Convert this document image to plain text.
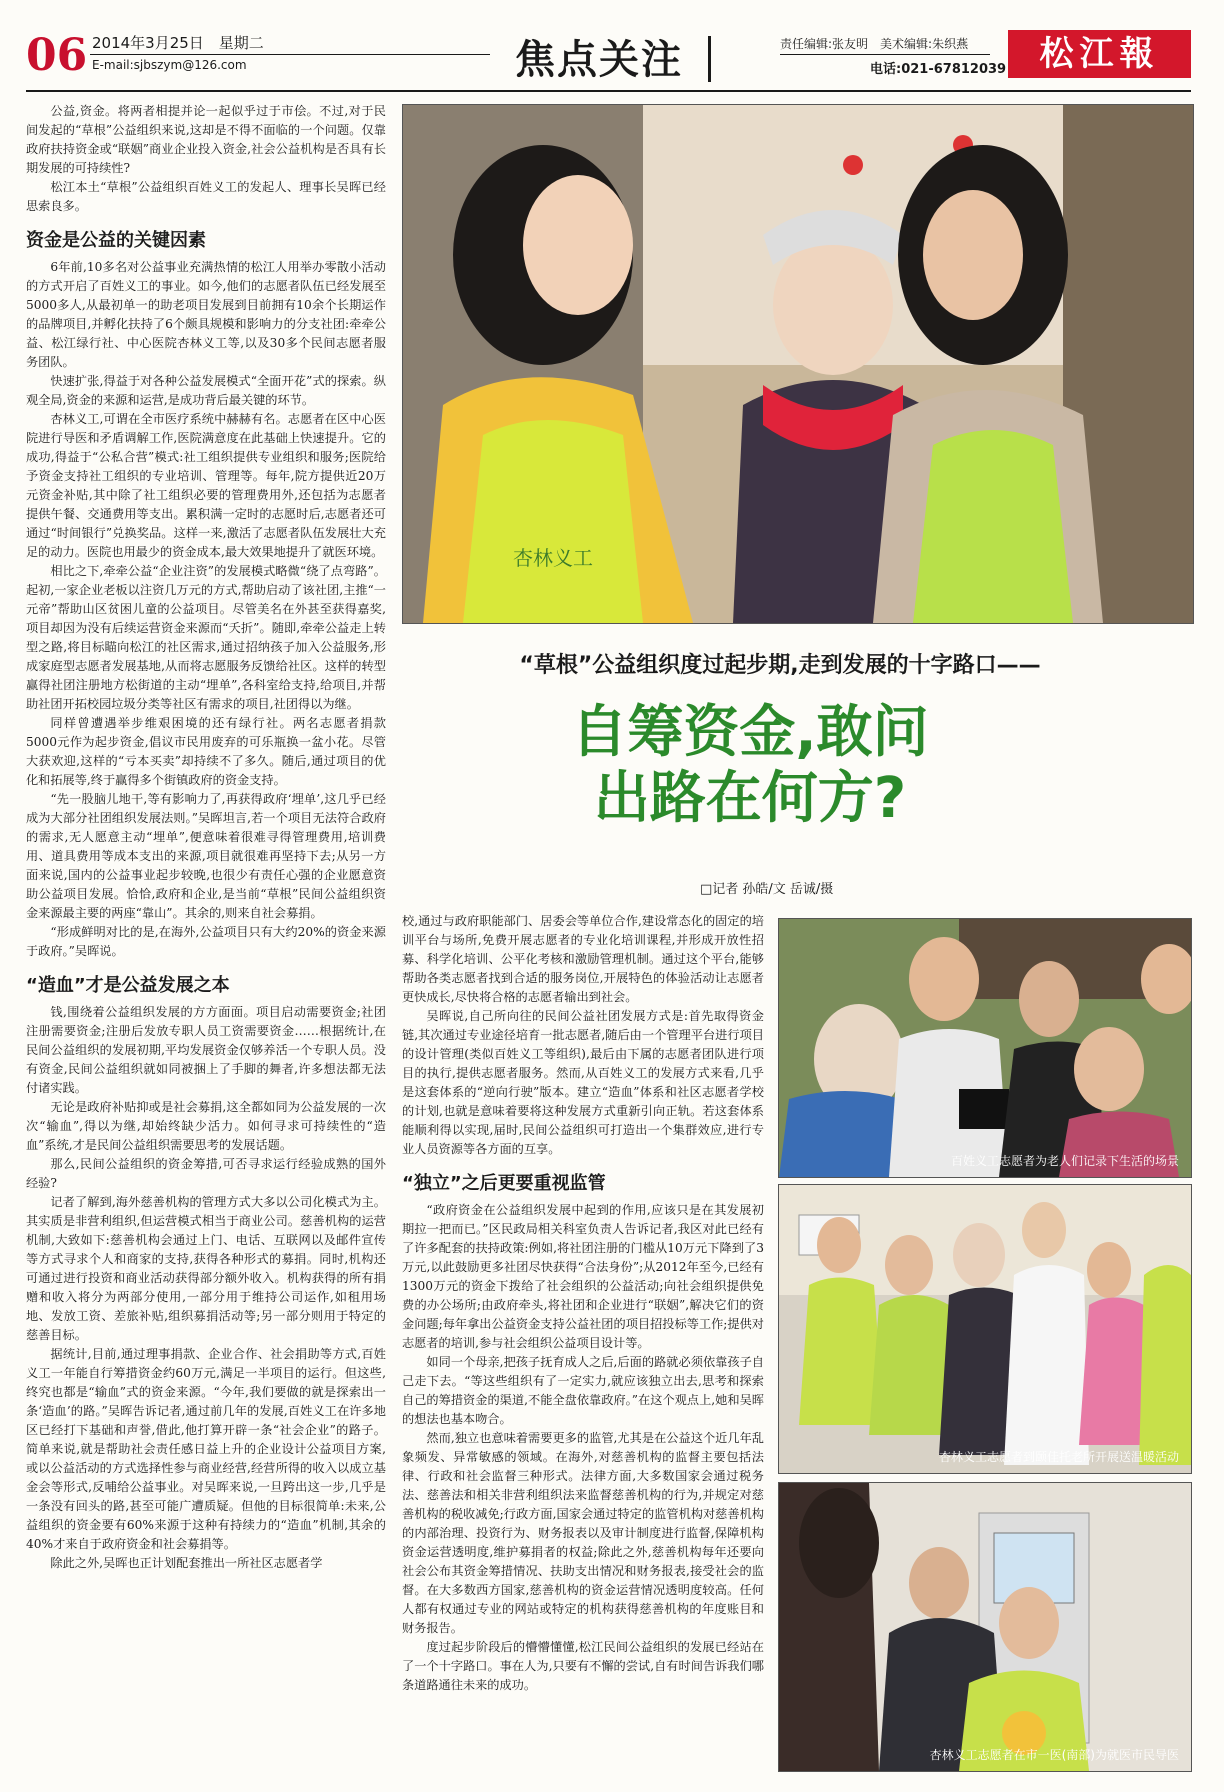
06 2014年3月25日　星期二
E-mail:sjbszym@126.com	焦点关注	责任编辑:张友明　美术编辑:朱织燕
电话:021-67812039 松江報

公益,资金。将两者相提并论一起似乎过于市侩。不过,对于民间发起的“草根”公益组织来说,这却是不得不面临的一个问题。仅靠政府扶持资金或“联姻”商业企业投入资金,社会公益机构是否具有长期发展的可持续性?

松江本土“草根”公益组织百姓义工的发起人、理事长吴晖已经思索良多。

资金是公益的关键因素

6年前,10多名对公益事业充满热情的松江人用举办零散小活动的方式开启了百姓义工的事业。如今,他们的志愿者队伍已经发展至5000多人,从最初单一的助老项目发展到目前拥有10余个长期运作的品牌项目,并孵化扶持了6个颇具规模和影响力的分支社团:牵牵公益、松江绿行社、中心医院杏林义工等,以及30多个民间志愿者服务团队。

快速扩张,得益于对各种公益发展模式“全面开花”式的探索。纵观全局,资金的来源和运营,是成功背后最关键的环节。

杏林义工,可谓在全市医疗系统中赫赫有名。志愿者在区中心医院进行导医和矛盾调解工作,医院满意度在此基础上快速提升。它的成功,得益于“公私合营”模式:社工组织提供专业组织和服务;医院给予资金支持社工组织的专业培训、管理等。每年,院方提供近20万元资金补贴,其中除了社工组织必要的管理费用外,还包括为志愿者提供午餐、交通费用等支出。累积满一定时的志愿时后,志愿者还可通过“时间银行”兑换奖品。这样一来,激活了志愿者队伍发展壮大充足的动力。医院也用最少的资金成本,最大效果地提升了就医环境。

相比之下,牵牵公益“企业注资”的发展模式略微“绕了点弯路”。起初,一家企业老板以注资几万元的方式,帮助启动了该社团,主推“一元帝”帮助山区贫困儿童的公益项目。尽管美名在外甚至获得嘉奖,项目却因为没有后续运营资金来源而“夭折”。随即,牵牵公益走上转型之路,将目标瞄向松江的社区需求,通过招纳孩子加入公益服务,形成家庭型志愿者发展基地,从而将志愿服务反馈给社区。这样的转型赢得社团注册地方松街道的主动“埋单”,各科室给支持,给项目,并帮助社团开拓校园垃圾分类等社区有需求的项目,社团得以为继。

同样曾遭遇举步维艰困境的还有绿行社。两名志愿者捐款5000元作为起步资金,倡议市民用废弃的可乐瓶换一盆小花。尽管大获欢迎,这样的“亏本买卖”却持续不了多久。随后,通过项目的优化和拓展等,终于赢得多个街镇政府的资金支持。

“先一股脑儿地干,等有影响力了,再获得政府‘埋单’,这几乎已经成为大部分社团组织发展法则。”吴晖坦言,若一个项目无法符合政府的需求,无人愿意主动“埋单”,便意味着很难寻得管理费用,培训费用、道具费用等成本支出的来源,项目就很难再坚持下去;从另一方面来说,国内的公益事业起步较晚,也很少有责任心强的企业愿意资助公益项目发展。恰恰,政府和企业,是当前“草根”民间公益组织资金来源最主要的两座“靠山”。其余的,则来自社会募捐。

“形成鲜明对比的是,在海外,公益项目只有大约20%的资金来源于政府。”吴晖说。

“造血”才是公益发展之本

钱,围绕着公益组织发展的方方面面。项目启动需要资金;社团注册需要资金;注册后发放专职人员工资需要资金……根据统计,在民间公益组织的发展初期,平均发展资金仅够养活一个专职人员。没有资金,民间公益组织就如同被捆上了手脚的舞者,许多想法都无法付诸实践。

无论是政府补贴抑或是社会募捐,这全都如同为公益发展的一次次“输血”,得以为继,却始终缺少活力。如何寻求可持续性的“造血”系统,才是民间公益组织需要思考的发展话题。

那么,民间公益组织的资金筹措,可否寻求运行经验成熟的国外经验?

记者了解到,海外慈善机构的管理方式大多以公司化模式为主。其实质是非营利组织,但运营模式相当于商业公司。慈善机构的运营机制,大致如下:慈善机构会通过上门、电话、互联网以及邮件宣传等方式寻求个人和商家的支持,获得各种形式的募捐。同时,机构还可通过进行投资和商业活动获得部分额外收入。机构获得的所有捐赠和收入将分为两部分使用,一部分用于维持公司运作,如租用场地、发放工资、差旅补贴,组织募捐活动等;另一部分则用于特定的慈善目标。

据统计,目前,通过理事捐款、企业合作、社会捐助等方式,百姓义工一年能自行筹措资金约60万元,满足一半项目的运行。但这些,终究也都是“输血”式的资金来源。“今年,我们要做的就是探索出一条‘造血’的路。”吴晖告诉记者,通过前几年的发展,百姓义工在许多地区已经打下基础和声誉,借此,他打算开辟一条“社会企业”的路子。简单来说,就是帮助社会责任感日益上升的企业设计公益项目方案,或以公益活动的方式选择性参与商业经营,经营所得的收入以成立基金会等形式,反哺给公益事业。对吴晖来说,一旦跨出这一步,几乎是一条没有回头的路,甚至可能广遭质疑。但他的目标很简单:未来,公益组织的资金要有60%来源于这种有持续力的“造血”机制,其余的40%才来自于政府资金和社会募捐等。

除此之外,吴晖也正计划配套推出一所社区志愿者学

杏林义工
“草根”公益组织度过起步期,走到发展的十字路口——
自筹资金,敢问
出路在何方?
□记者 孙皓/文 岳诚/摄

校,通过与政府职能部门、居委会等单位合作,建设常态化的固定的培训平台与场所,免费开展志愿者的专业化培训课程,并形成开放性招募、科学化培训、公平化考核和激励管理机制。通过这个平台,能够帮助各类志愿者找到合适的服务岗位,开展特色的体验活动让志愿者更快成长,尽快将合格的志愿者输出到社会。

吴晖说,自己所向往的民间公益社团发展方式是:首先取得资金链,其次通过专业途径培育一批志愿者,随后由一个管理平台进行项目的设计管理(类似百姓义工等组织),最后由下属的志愿者团队进行项目的执行,提供志愿者服务。然而,从百姓义工的发展方式来看,几乎是这套体系的“逆向行驶”版本。建立“造血”体系和社区志愿者学校的计划,也就是意味着要将这种发展方式重新引向正轨。若这套体系能顺利得以实现,届时,民间公益组织可打造出一个集群效应,进行专业人员资源等各方面的互享。

“独立”之后更要重视监管

“政府资金在公益组织发展中起到的作用,应该只是在其发展初期拉一把而已。”区民政局相关科室负责人告诉记者,我区对此已经有了许多配套的扶持政策:例如,将社团注册的门槛从10万元下降到了3万元,以此鼓励更多社团尽快获得“合法身份”;从2012年至今,已经有1300万元的资金下拨给了社会组织的公益活动;向社会组织提供免费的办公场所;由政府牵头,将社团和企业进行“联姻”,解决它们的资金问题;每年拿出公益资金支持公益社团的项目招投标等工作;提供对志愿者的培训,参与社会组织公益项目设计等。

如同一个母亲,把孩子抚育成人之后,后面的路就必须依靠孩子自己走下去。“等这些组织有了一定实力,就应该独立出去,思考和探索自己的筹措资金的渠道,不能全盘依靠政府。”在这个观点上,她和吴晖的想法也基本吻合。

然而,独立也意味着需要更多的监管,尤其是在公益这个近几年乱象频发、异常敏感的领域。在海外,对慈善机构的监督主要包括法律、行政和社会监督三种形式。法律方面,大多数国家会通过税务法、慈善法和相关非营利组织法来监督慈善机构的行为,并规定对慈善机构的税收减免;行政方面,国家会通过特定的监管机构对慈善机构的内部治理、投资行为、财务报表以及审计制度进行监督,保障机构资金运营透明度,维护募捐者的权益;除此之外,慈善机构每年还要向社会公布其资金筹措情况、扶助支出情况和财务报表,接受社会的监督。在大多数西方国家,慈善机构的资金运营情况透明度较高。任何人都有权通过专业的网站或特定的机构获得慈善机构的年度账目和财务报告。

度过起步阶段后的懵懵懂懂,松江民间公益组织的发展已经站在了一个十字路口。事在人为,只要有不懈的尝试,自有时间告诉我们哪条道路通往未来的成功。

百姓义工志愿者为老人们记录下生活的场景
杏林义工志愿者到颐佳托老所开展送温暖活动
杏林义工志愿者在市一医(南部)为就医市民导医
